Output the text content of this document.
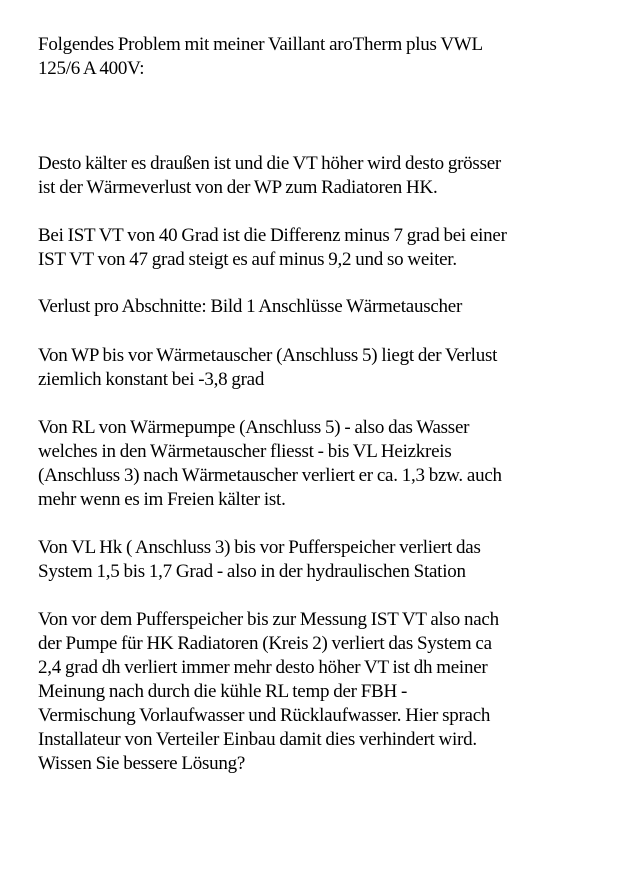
Folgendes Problem mit meiner Vaillant aroTherm plus VWL
125/6 A 400V:
Desto kälter es draußen ist und die VT höher wird desto grösser
ist der Wärmeverlust von der WP zum Radiatoren HK.
Bei IST VT von 40 Grad ist die Differenz minus 7 grad bei einer
IST VT von 47 grad steigt es auf minus 9,2 und so weiter.
Verlust pro Abschnitte: Bild 1 Anschlüsse Wärmetauscher
Von WP bis vor Wärmetauscher (Anschluss 5) liegt der Verlust
ziemlich konstant bei -3,8 grad
Von RL von Wärmepumpe (Anschluss 5) - also das Wasser
welches in den Wärmetauscher fliesst - bis VL Heizkreis
(Anschluss 3) nach Wärmetauscher verliert er ca. 1,3 bzw. auch
mehr wenn es im Freien kälter ist.
Von VL Hk ( Anschluss 3) bis vor Pufferspeicher verliert das
System 1,5 bis 1,7 Grad - also in der hydraulischen Station
Von vor dem Pufferspeicher bis zur Messung IST VT also nach
der Pumpe für HK Radiatoren (Kreis 2) verliert das System ca
2,4 grad dh verliert immer mehr desto höher VT ist dh meiner
Meinung nach durch die kühle RL temp der FBH -
Vermischung Vorlaufwasser und Rücklaufwasser. Hier sprach
Installateur von Verteiler Einbau damit dies verhindert wird.
Wissen Sie bessere Lösung?
